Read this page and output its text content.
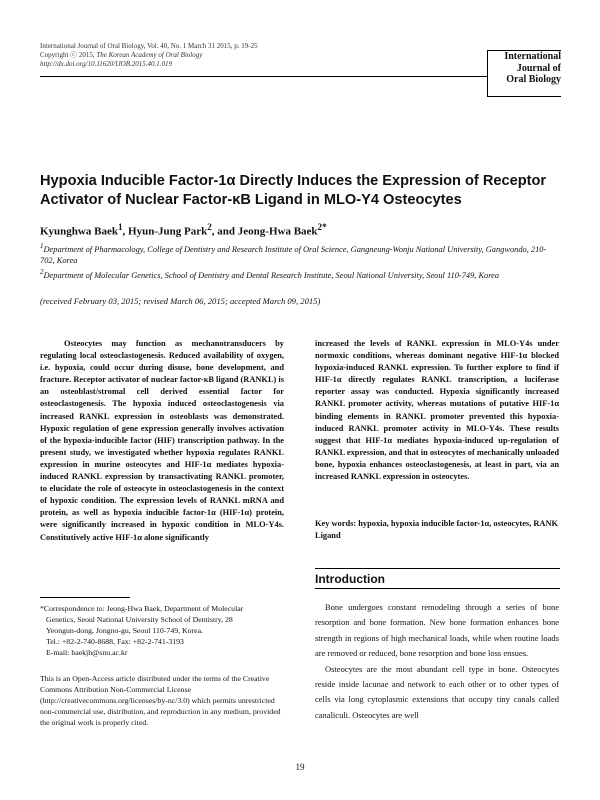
International Journal of Oral Biology, Vol. 40, No. 1 March 31 2015, p. 19-25
Copyright ⓒ 2015, The Korean Academy of Oral Biology
http://dx.doi.org/10.11620/IJOB.2015.40.1.019
International
Journal of
Oral Biology
Hypoxia Inducible Factor-1α Directly Induces the Expression of Receptor
Activator of Nuclear Factor-κB Ligand in MLO-Y4 Osteocytes
Kyunghwa Baek$^1$, Hyun-Jung Park$^2$, and Jeong-Hwa Baek$^{2*}$

$^1$Department of Pharmacology, College of Dentistry and Research Institute of Oral Science, Gangneung-Wonju National University, Gangwondo, 210-702, Korea

$^2$Department of Molecular Genetics, School of Dentistry and Dental Research Institute, Seoul National University, Seoul 110-749, Korea

(received February 03, 2015; revised March 06, 2015; accepted March 09, 2015)
Osteocytes may function as mechanotransducers by regulating local osteoclastogenesis. Reduced availability of oxygen, i.e. hypoxia, could occur during disuse, bone development, and fracture. Receptor activator of nuclear factor-κB ligand (RANKL) is an osteoblast/stromal cell derived essential factor for osteoclastogenesis. The hypoxia induced osteoclastogenesis via increased RANKL expression in osteoblasts was demonstrated. Hypoxic regulation of gene expression generally involves activation of the hypoxia-inducible factor (HIF) transcription pathway. In the present study, we investigated whether hypoxia regulates RANKL expression in murine osteocytes and HIF-1α mediates hypoxia-induced RANKL expression by transactivating RANKL promoter, to elucidate the role of osteocyte in osteoclastogenesis in the context of hypoxic condition. The expression levels of RANKL mRNA and protein, as well as hypoxia inducible factor-1α (HIF-1α) protein, were significantly increased in hypoxic condition in MLO-Y4s. Constitutively active HIF-1α alone significantly
increased the levels of RANKL expression in MLO-Y4s under normoxic conditions, whereas dominant negative HIF-1α blocked hypoxia-induced RANKL expression. To further explore to find if HIF-1α directly regulates RANKL transcription, a luciferase reporter assay was conducted. Hypoxia significantly increased RANKL promoter activity, whereas mutations of putative HIF-1α binding elements in RANKL promoter prevented this hypoxia-induced RANKL promoter activity in MLO-Y4s. These results suggest that HIF-1α mediates hypoxia-induced up-regulation of RANKL expression, and that in osteocytes of mechanically unloaded bone, hypoxia enhances osteoclastogenesis, at least in part, via an increased RANKL expression in osteocytes.
Key words: hypoxia, hypoxia inducible factor-1α, osteocytes, RANK Ligand
Introduction

Bone undergoes constant remodeling through a series of bone resorption and bone formation. New bone formation enhances bone strength in regions of high mechanical loads, while when routine loads are removed or reduced, bone resorption and bone loss ensues.

Osteocytes are the most abundant cell type in bone. Osteocytes reside inside lacunae and network to each other or to other types of cells via long cytoplasmic extensions that occupy tiny canals called canaliculi. Osteocytes are well

*Correspondence to: Jeong-Hwa Baek, Department of Molecular
Genetics, Seoul National University School of Dentistry, 28
Yeongun-dong, Jongno-gu, Seoul 110-749, Korea.
Tel.: +82-2-740-8688, Fax: +82-2-741-3193
E-mail: baekjh@snu.ac.kr
This is an Open-Access article distributed under the terms of the Creative Commons Attribution Non-Commercial License (http://creativecommons.org/licenses/by-nc/3.0) which permits unrestricted non-commercial use, distribution, and reproduction in any medium, provided the original work is properly cited.
19
